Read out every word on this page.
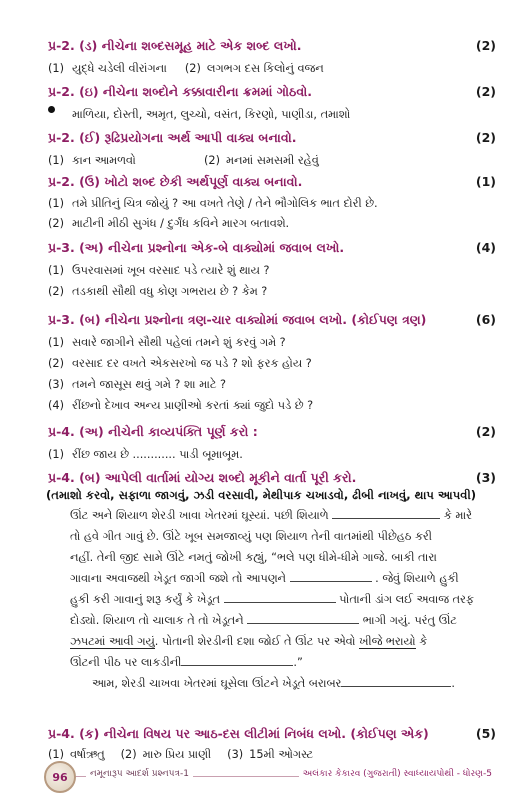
પ્ર-2. (ડ) નીચેના શબ્દસમૂહ માટે એક શબ્દ લખો.	(2)
(1) યુદ્ધે ચડેલી વીરાંગના (2) લગભગ દસ કિલોનું વજન
પ્ર-2. (ઇ) નીચેના શબ્દોને કક્કાવારીના ક્રમમાં ગોઠવો.	(2)
માળિયા, દોસ્તી, અમૃત, લુચ્ચો, વસંત, કિરણો, પાણીડા, તમાશો
પ્ર-2. (ઈ) રૂઢિપ્રયોગના અર્થ આપી વાક્ય બનાવો.	(2)
(1) કાન આમળવો	(2) મનમાં સમસમી રહેવું
પ્ર-2. (ઉ) ખોટો શબ્દ છેકી અર્થપૂર્ણ વાક્ય બનાવો.	(1)
(1) તમે પ્રીતિનું ચિત્ર જોયું ? આ વખતે તેણે / તેને ભૌગોલિક ભાત દોરી છે.
(2) માટીની મીઠી સુગંધ / દુર્ગંધ કવિને મારગ બતાવશે.
પ્ર-3. (અ) નીચેના પ્રશ્નોના એક-બે વાક્યોમાં જવાબ લખો.	(4)
(1) ઉપરવાસમાં ખૂબ વરસાદ પડે ત્યારે શું થાય ?
(2) તડકાથી સૌથી વધુ કોણ ગભરાય છે ? કેમ ?
પ્ર-3. (બ) નીચેના પ્રશ્નોના ત્રણ-ચાર વાક્યોમાં જવાબ લખો. (કોઈપણ ત્રણ)	(6)
(1) સવારે જાગીને સૌથી પહેલાં તમને શું કરવું ગમે ?
(2) વરસાદ દર વખતે એકસરખો જ પડે ? શો ફરક હોય ?
(3) તમને જાસૂસ થવું ગમે ? શા માટે ?
(4) રીંછનો દેખાવ અન્ય પ્રાણીઓ કરતાં ક્યાં જુદો પડે છે ?
પ્ર-4. (અ) નીચેની કાવ્યપંક્તિ પૂર્ણ કરો :	(2)
(1) રીંછ જાય છે ............ પાડી બૂમાબૂમ.
પ્ર-4. (બ) આપેલી વાર્તામાં યોગ્ય શબ્દો મૂકીને વાર્તા પૂરી કરો.	(3)
(તમાશો કરવો, સફાળા જાગવું, ઝડી વરસાવી, મેથીપાક ચખાડવો, ઢીબી નાખવું, થાપ આપવી)
ઊંટ અને શિયાળ શેરડી ખાવા ખેતરમાં ઘૂસ્યાં. પછી શિયાળે	કે મારે
તો હવે ગીત ગાવું છે. ઊંટે ખૂબ સમજાવ્યું પણ શિયાળ તેની વાતમાંથી પીછેહઠ કરી
નહીં. તેની જીદ સામે ઊંટે નમતું જોખી કહ્યું, “ભલે પણ ધીમે-ધીમે ગાજે. બાકી તારા
ગાવાના અવાજથી ખેડૂત જાગી જશે તો આપણને	. જેવું શિયાળે હુકી
હુકી કરી ગાવાનું શરૂ કર્યું કે ખેડૂત	પોતાની ડાંગ લઈ અવાજ તરફ
દોડ્યો. શિયાળ તો ચાલાક તે તો ખેડૂતને	ભાગી ગયું. પરંતુ ઊંટ
ઝપટમાં આવી ગયું. પોતાની શેરડીની દશા જોઈ તે ઊંટ પર એવો ખીજે ભરાયો કે
ઊંટની પીઠ પર લાકડીની	.”
આમ, શેરડી ચાખવા ખેતરમાં ઘૂસેલા ઊંટને ખેડૂતે બરાબર	.
પ્ર-4. (ક) નીચેના વિષય પર આઠ-દસ લીટીમાં નિબંધ લખો. (કોઈપણ એક)	(5)
(1) વર્ષાઋતુ (2) મારુ પ્રિય પ્રાણી (3) 15મી ઓગસ્ટ
96	નમૂનારૂપ આદર્શ પ્રશ્નપત્ર-1	અલંકાર કેકારવ (ગુજરાતી) સ્વાધ્યાયપોથી - ધોરણ-5
